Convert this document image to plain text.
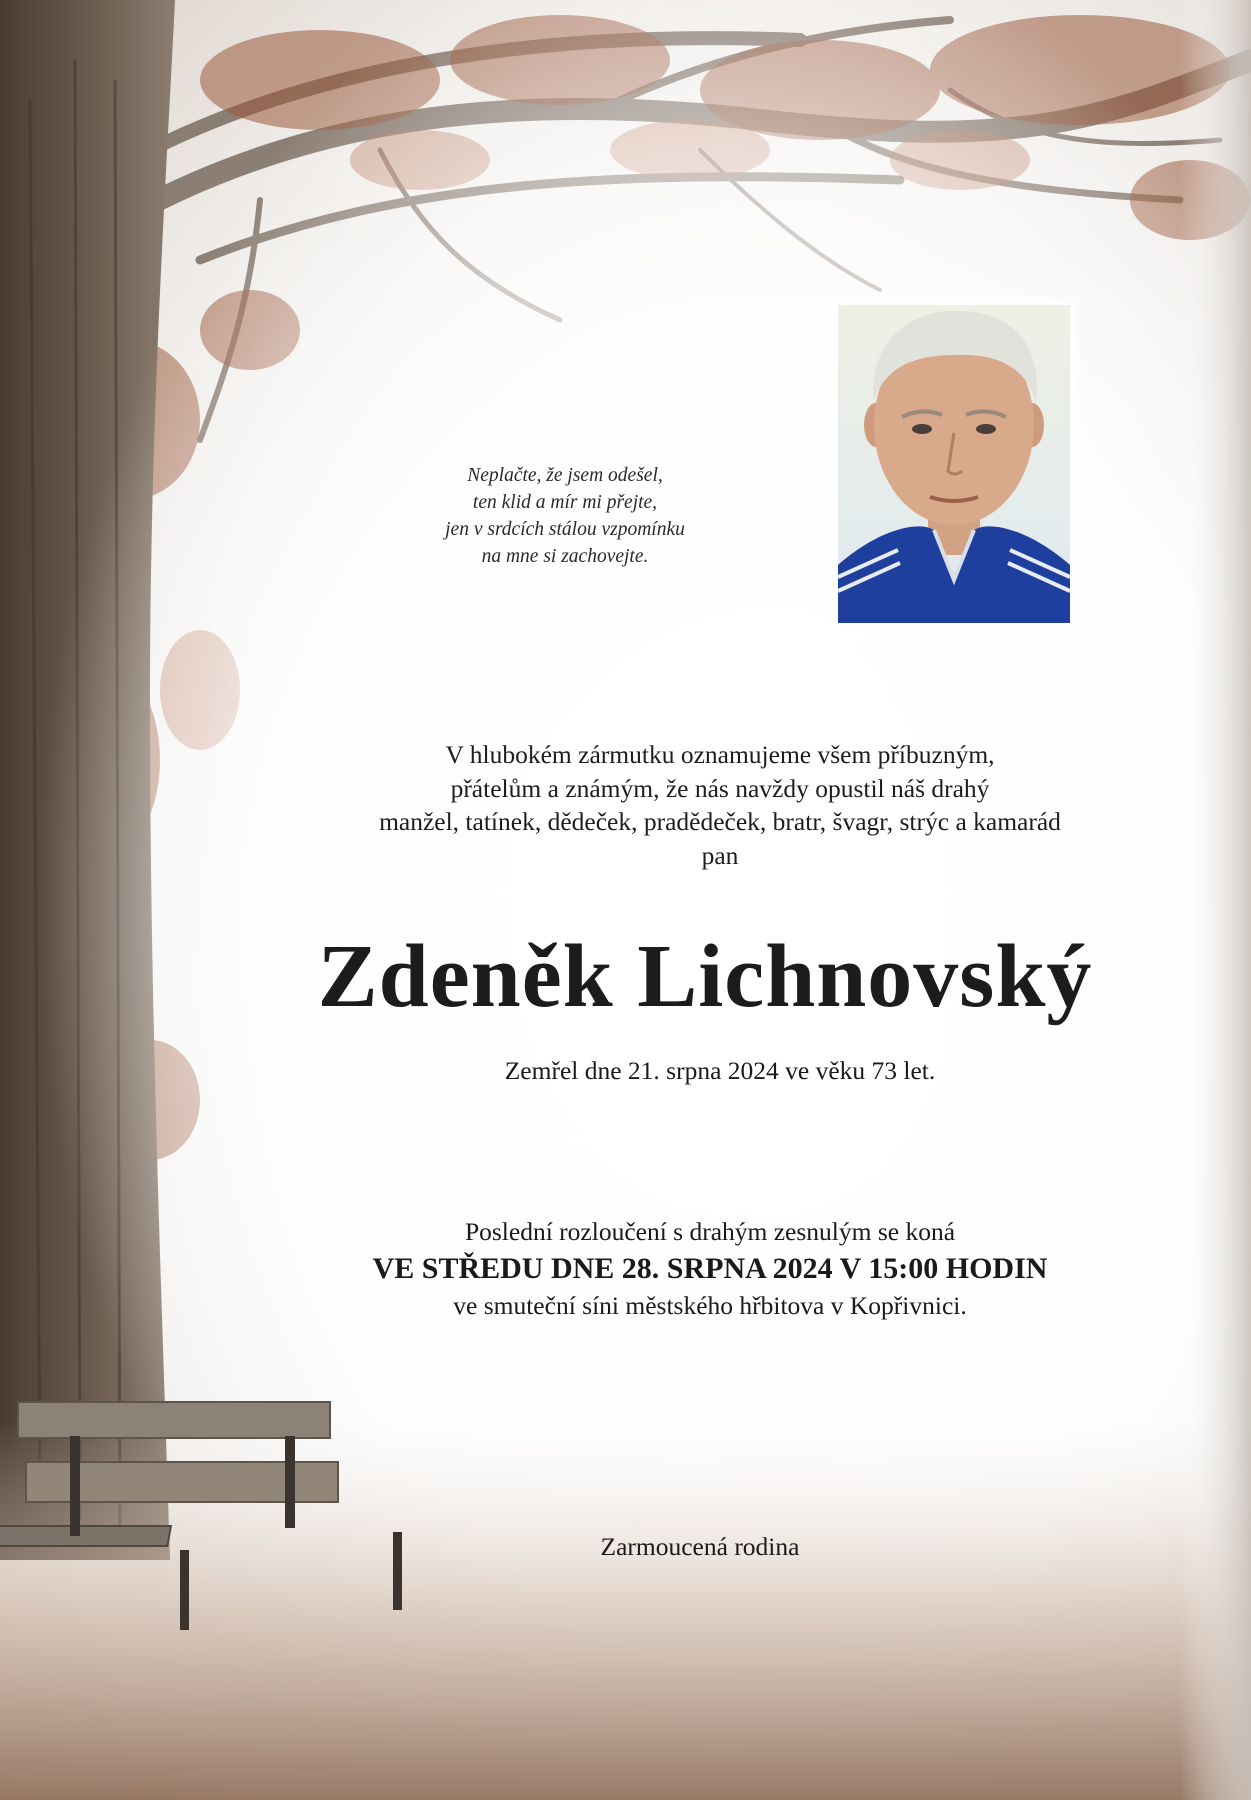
Neplačte, že jsem odešel,
ten klid a mír mi přejte,
jen v srdcích stálou vzpomínku
na mne si zachovejte.
V hlubokém zármutku oznamujeme všem příbuzným,
přátelům a známým, že nás navždy opustil náš drahý
manžel, tatínek, dědeček, pradědeček, bratr, švagr, strýc a kamarád
pan
Zdeněk Lichnovský
Zemřel dne 21. srpna 2024 ve věku 73 let.
Poslední rozloučení s drahým zesnulým se koná
VE STŘEDU DNE 28. SRPNA 2024 V 15:00 HODIN
ve smuteční síni městského hřbitova v Kopřivnici.
Zarmoucená rodina
